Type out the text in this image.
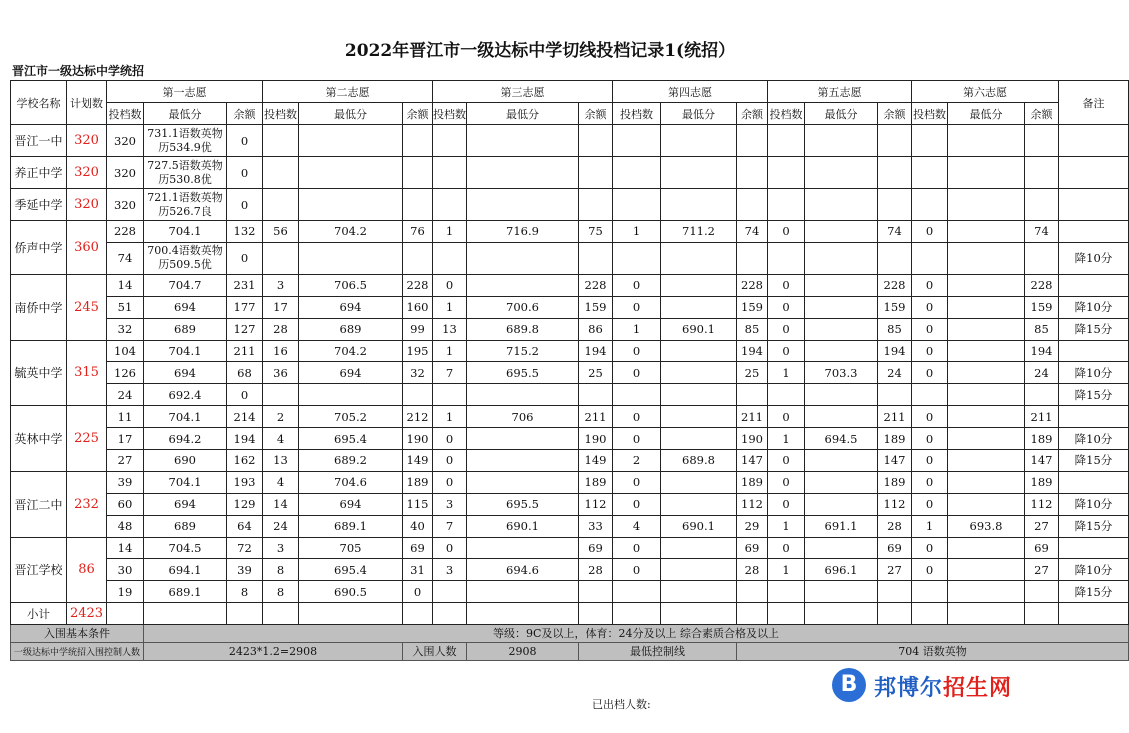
2022年晋江市一级达标中学切线投档记录1(统招）
晋江市一级达标中学统招
学校名称	计划数	第一志愿			第二志愿			第三志愿			第四志愿			第五志愿			第六志愿			备注
		投档数	最低分	余额	投档数	最低分	余额	投档数	最低分	余额	投档数	最低分	余额	投档数	最低分	余额	投档数	最低分	余额	
晋江一中	320	320	731.1语数英物历534.9优	0																
养正中学	320	320	727.5语数英物历530.8优	0																
季延中学	320	320	721.1语数英物历526.7良	0																
侨声中学	360	228	704.1	132	56	704.2	76	1	716.9	75	1	711.2	74	0		74	0		74	
		74	700.4语数英物历509.5优	0																降10分
南侨中学	245	14	704.7	231	3	706.5	228	0		228	0		228	0		228	0		228	
		51	694	177	17	694	160	1	700.6	159	0		159	0		159	0		159	降10分
		32	689	127	28	689	99	13	689.8	86	1	690.1	85	0		85	0		85	降15分
毓英中学	315	104	704.1	211	16	704.2	195	1	715.2	194	0		194	0		194	0		194	
		126	694	68	36	694	32	7	695.5	25	0		25	1	703.3	24	0		24	降10分
		24	692.4	0																降15分
英林中学	225	11	704.1	214	2	705.2	212	1	706	211	0		211	0		211	0		211	
		17	694.2	194	4	695.4	190	0		190	0		190	1	694.5	189	0		189	降10分
		27	690	162	13	689.2	149	0		149	2	689.8	147	0		147	0		147	降15分
晋江二中	232	39	704.1	193	4	704.6	189	0		189	0		189	0		189	0		189	
		60	694	129	14	694	115	3	695.5	112	0		112	0		112	0		112	降10分
		48	689	64	24	689.1	40	7	690.1	33	4	690.1	29	1	691.1	28	1	693.8	27	降15分
晋江学校	86	14	704.5	72	3	705	69	0		69	0		69	0		69	0		69	
		30	694.1	39	8	695.4	31	3	694.6	28	0		28	1	696.1	27	0		27	降10分
		19	689.1	8	8	690.5	0													降15分
小计	2423																			
入围基本条件			等级：9C及以上，体育：24分及以上 综合素质合格及以上																	
一级达标中学统招入围控制人数			2423*1.2=2908				入围人数		2908	最低控制线			704 语数英物							
已出档人数:
B 邦博尔招生网
